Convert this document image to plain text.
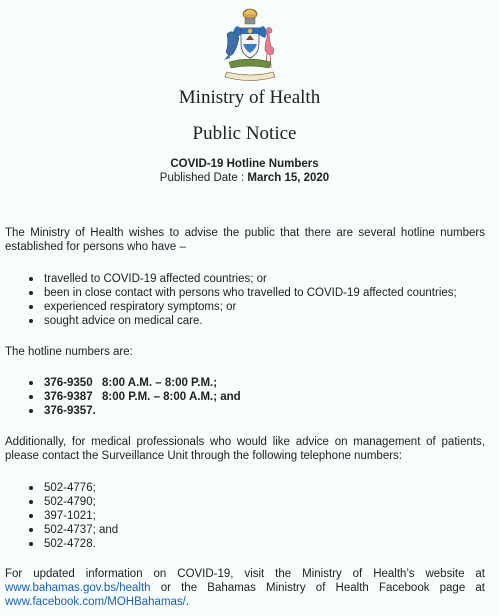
Ministry of Health
Public Notice
COVID-19 Hotline Numbers
Published Date : March 15, 2020

The Ministry of Health wishes to advise the public that there are several hotline numbers established for persons who have –

travelled to COVID-19 affected countries; or
been in close contact with persons who travelled to COVID-19 affected countries;
experienced respiratory symptoms; or
sought advice on medical care.

The hotline numbers are:

376-9350 8:00 A.M. – 8:00 P.M.;
376-9387 8:00 P.M. – 8:00 A.M.; and
376-9357.

Additionally, for medical professionals who would like advice on management of patients, please contact the Surveillance Unit through the following telephone numbers:

502-4776;
502-4790;
397-1021;
502-4737; and
502-4728.

For updated information on COVID-19, visit the Ministry of Health’s website at www.bahamas.gov.bs/health or the Bahamas Ministry of Health Facebook page at www.facebook.com/MOHBahamas/.
